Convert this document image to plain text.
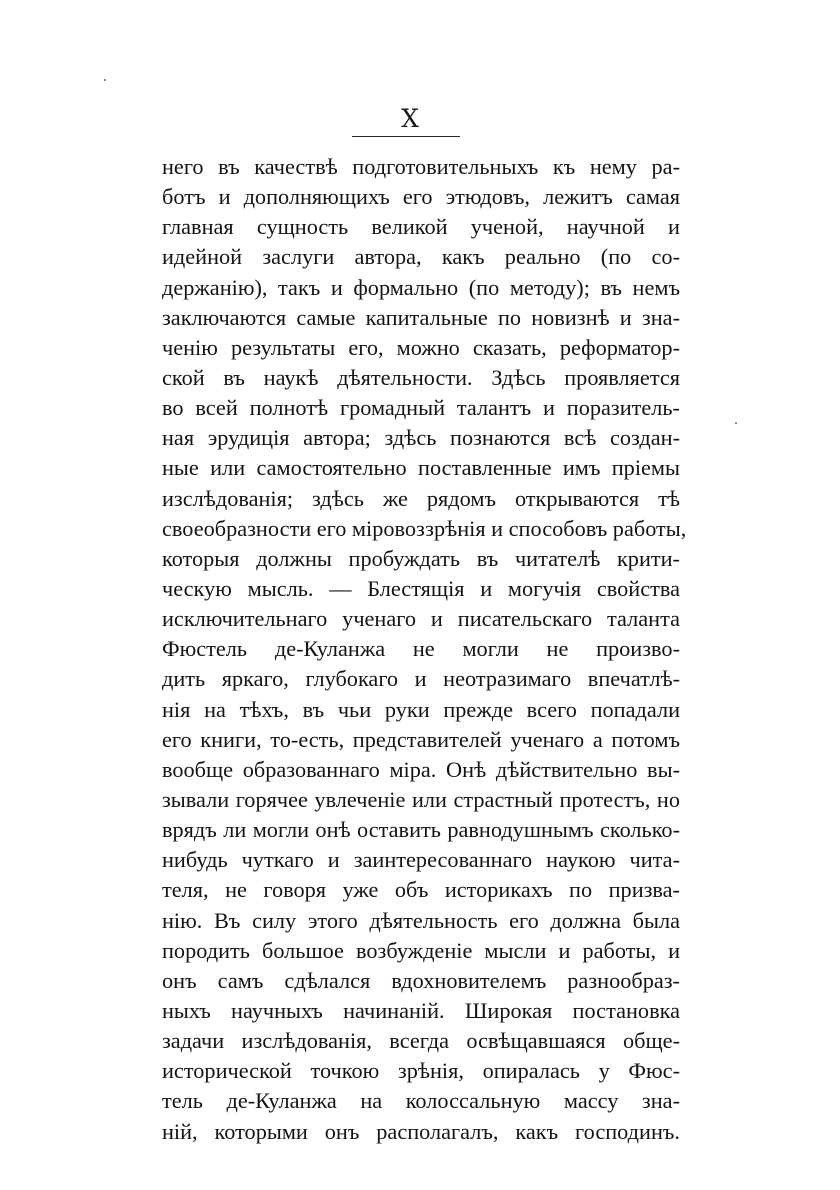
X
него въ качествѣ подготовительныхъ къ нему ра-
ботъ и дополняющихъ его этюдовъ, лежитъ самая
главная сущность великой ученой, научной и
идейной заслуги автора, какъ реально (по со-
держанію), такъ и формально (по методу); въ немъ
заключаются самые капитальные по новизнѣ и зна-
ченію результаты его, можно сказать, реформатор-
ской въ наукѣ дѣятельности. Здѣсь проявляется
во всей полнотѣ громадный талантъ и поразитель-
ная эрудиція автора; здѣсь познаются всѣ создан-
ные или самостоятельно поставленные имъ пріемы
изслѣдованія; здѣсь же рядомъ открываются тѣ
своеобразности его міровоззрѣнія и способовъ работы,
которыя должны пробуждать въ читателѣ крити-
ческую мысль. — Блестящія и могучія свойства
исключительнаго ученаго и писательскаго таланта
Фюстель де-Куланжа не могли не произво-
дить яркаго, глубокаго и неотразимаго впечатлѣ-
нія на тѣхъ, въ чьи руки прежде всего попадали
его книги, то-есть, представителей ученаго а потомъ
вообще образованнаго міра. Онѣ дѣйствительно вы-
зывали горячее увлеченіе или страстный протестъ, но
врядъ ли могли онѣ оставить равнодушнымъ сколько-
нибудь чуткаго и заинтересованнаго наукою чита-
теля, не говоря уже объ историкахъ по призва-
нію. Въ силу этого дѣятельность его должна была
породить большое возбужденіе мысли и работы, и
онъ самъ сдѣлался вдохновителемъ разнообраз-
ныхъ научныхъ начинаній. Широкая постановка
задачи изслѣдованія, всегда освѣщавшаяся обще-
исторической точкою зрѣнія, опиралась у Фюс-
тель де-Куланжа на колоссальную массу зна-
ній, которыми онъ располагалъ, какъ господинъ.
